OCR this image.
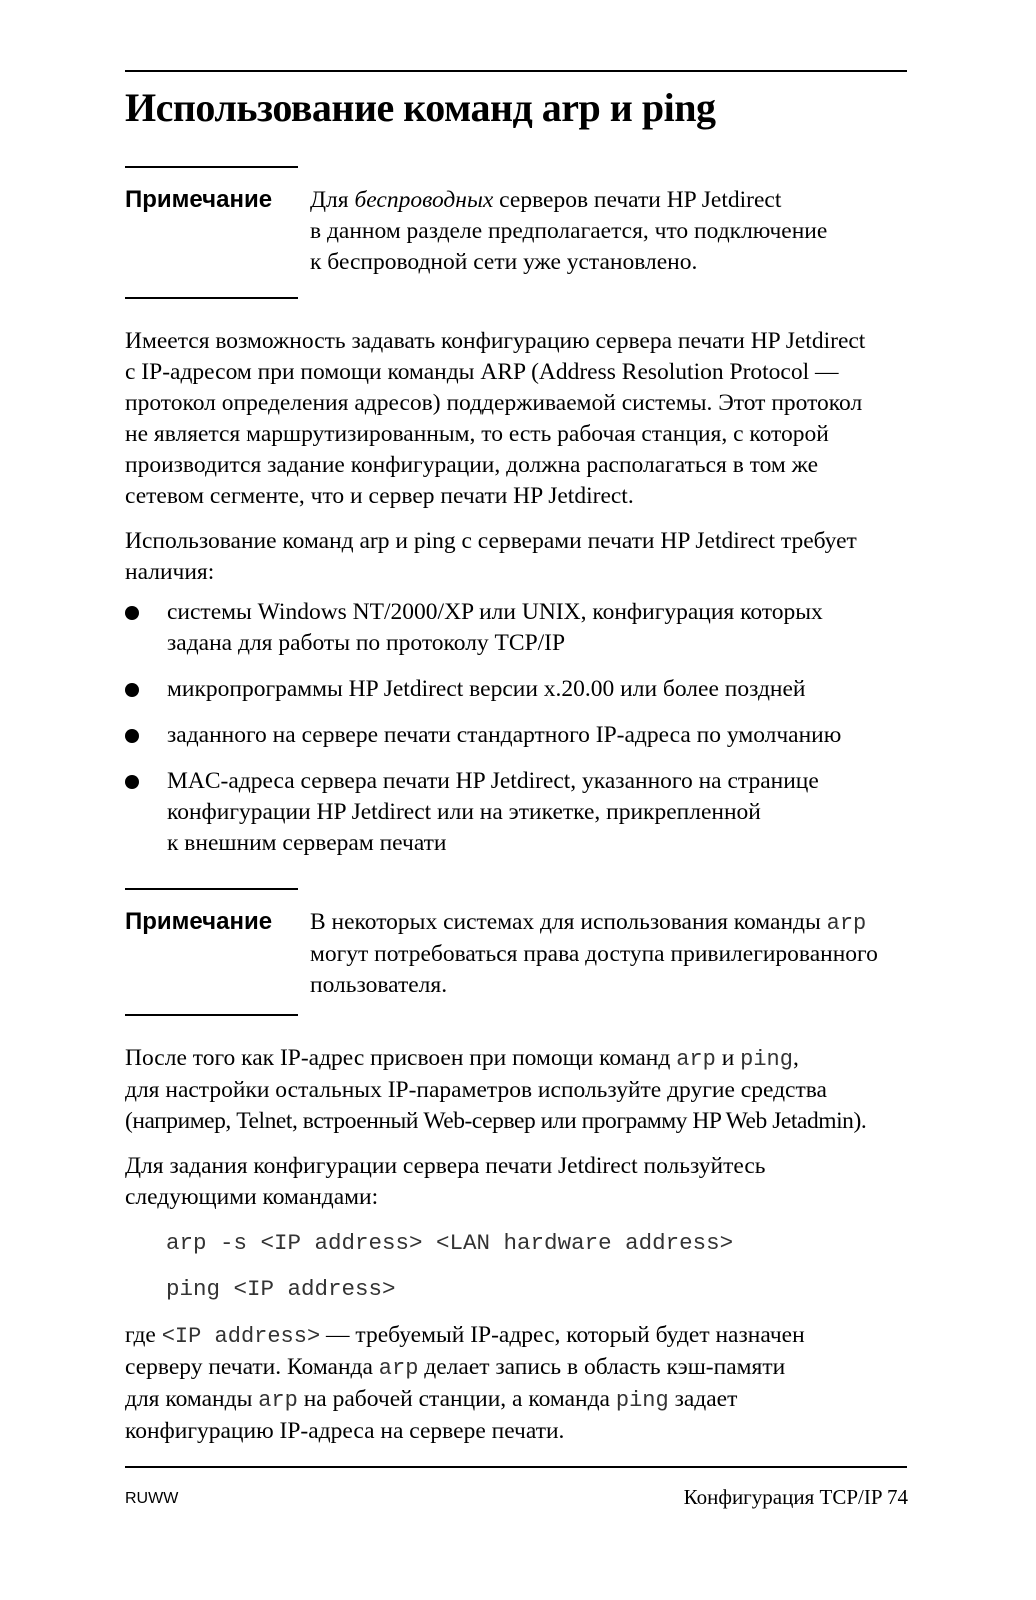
Использование команд arp и ping
Примечание Для беспроводных серверов печати HP Jetdirect
в данном разделе предполагается, что подключение
к беспроводной сети уже установлено.
Имеется возможность задавать конфигурацию сервера печати HP Jetdirect
с IP-адресом при помощи команды ARP (Address Resolution Protocol —
протокол определения адресов) поддерживаемой системы. Этот протокол
не является маршрутизированным, то есть рабочая станция, с которой
производится задание конфигурации, должна располагаться в том же
сетевом сегменте, что и сервер печати HP Jetdirect.
Использование команд arp и ping с серверами печати HP Jetdirect требует
наличия:
системы Windows NT/2000/XP или UNIX, конфигурация которых
задана для работы по протоколу TCP/IP
микропрограммы HP Jetdirect версии x.20.00 или более поздней
заданного на сервере печати стандартного IP-адреса по умолчанию
MAC-адреса сервера печати HP Jetdirect, указанного на странице
конфигурации HP Jetdirect или на этикетке, прикрепленной
к внешним серверам печати
Примечание В некоторых системах для использования команды arp
могут потребоваться права доступа привилегированного
пользователя.
После того как IP-адрес присвоен при помощи команд arp и ping,
для настройки остальных IP-параметров используйте другие средства
(например, Telnet, встроенный Web-сервер или программу HP Web Jetadmin).
Для задания конфигурации сервера печати Jetdirect пользуйтесь
следующими командами:
arp -s <IP address> <LAN hardware address>
ping <IP address>
где <IP address> — требуемый IP-адрес, который будет назначен
серверу печати. Команда arp делает запись в область кэш-памяти
для команды arp на рабочей станции, а команда ping задает
конфигурацию IP-адреса на сервере печати.
RUWW	Конфигурация TCP/IP 74
